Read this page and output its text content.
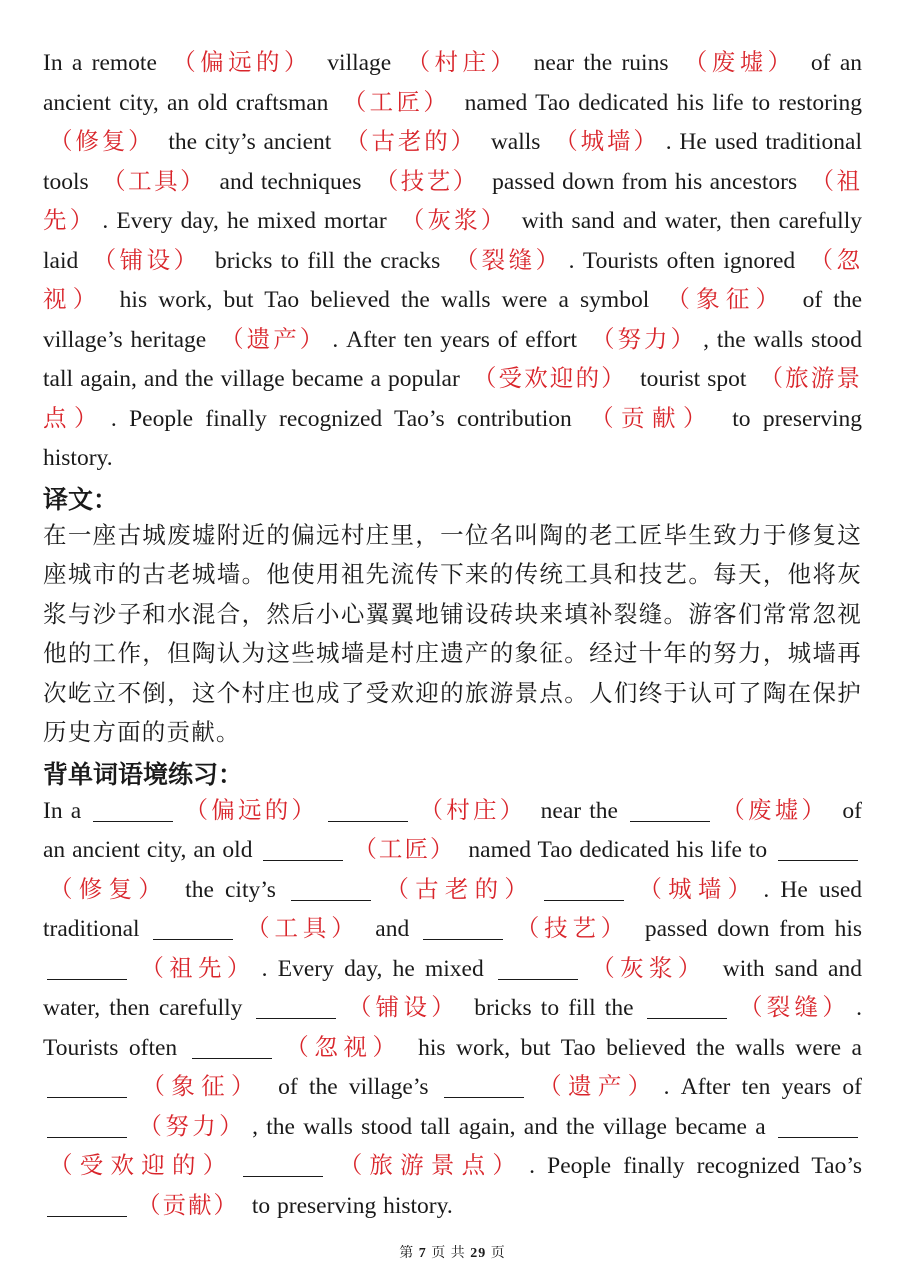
In a remote （偏远的） village （村庄） near the ruins （废墟） of an ancient city, an old craftsman （工匠） named Tao dedicated his life to restoring （修复） the city’s ancient （古老的） walls （城墙） . He used traditional tools （工具） and techniques （技艺） passed down from his ancestors （祖先） . Every day, he mixed mortar （灰浆） with sand and water, then carefully laid （铺设） bricks to fill the cracks （裂缝） . Tourists often ignored （忽视） his work, but Tao believed the walls were a symbol （象征） of the village’s heritage （遗产） . After ten years of effort （努力） , the walls stood tall again, and the village became a popular （受欢迎的） tourist spot （旅游景点） . People finally recognized Tao’s contribution （贡献） to preserving history.
译文：
在一座古城废墟附近的偏远村庄里，一位名叫陶的老工匠毕生致力于修复这座城市的古老城墙。他使用祖先流传下来的传统工具和技艺。每天，他将灰浆与沙子和水混合，然后小心翼翼地铺设砖块来填补裂缝。游客们常常忽视他的工作，但陶认为这些城墙是村庄遗产的象征。经过十年的努力，城墙再次屹立不倒，这个村庄也成了受欢迎的旅游景点。人们终于认可了陶在保护历史方面的贡献。
背单词语境练习：
In a	（偏远的）	（村庄） near the	（废墟） of an ancient city, an old	（工匠） named Tao dedicated his life to （修复） the city’s	（古老的）	（城墙） . He used traditional	（工具） and	（技艺） passed down from his （祖先） . Every day, he mixed	（灰浆） with sand and water, then carefully	（铺设） bricks to fill the	（裂缝） . Tourists often	（忽视） his work, but Tao believed the walls were a （象征） of the village’s	（遗产） . After ten years of （努力） , the walls stood tall again, and the village became a （受欢迎的）	（旅游景点） . People finally recognized Tao’s （贡献） to preserving history.
第 7 页 共 29 页
